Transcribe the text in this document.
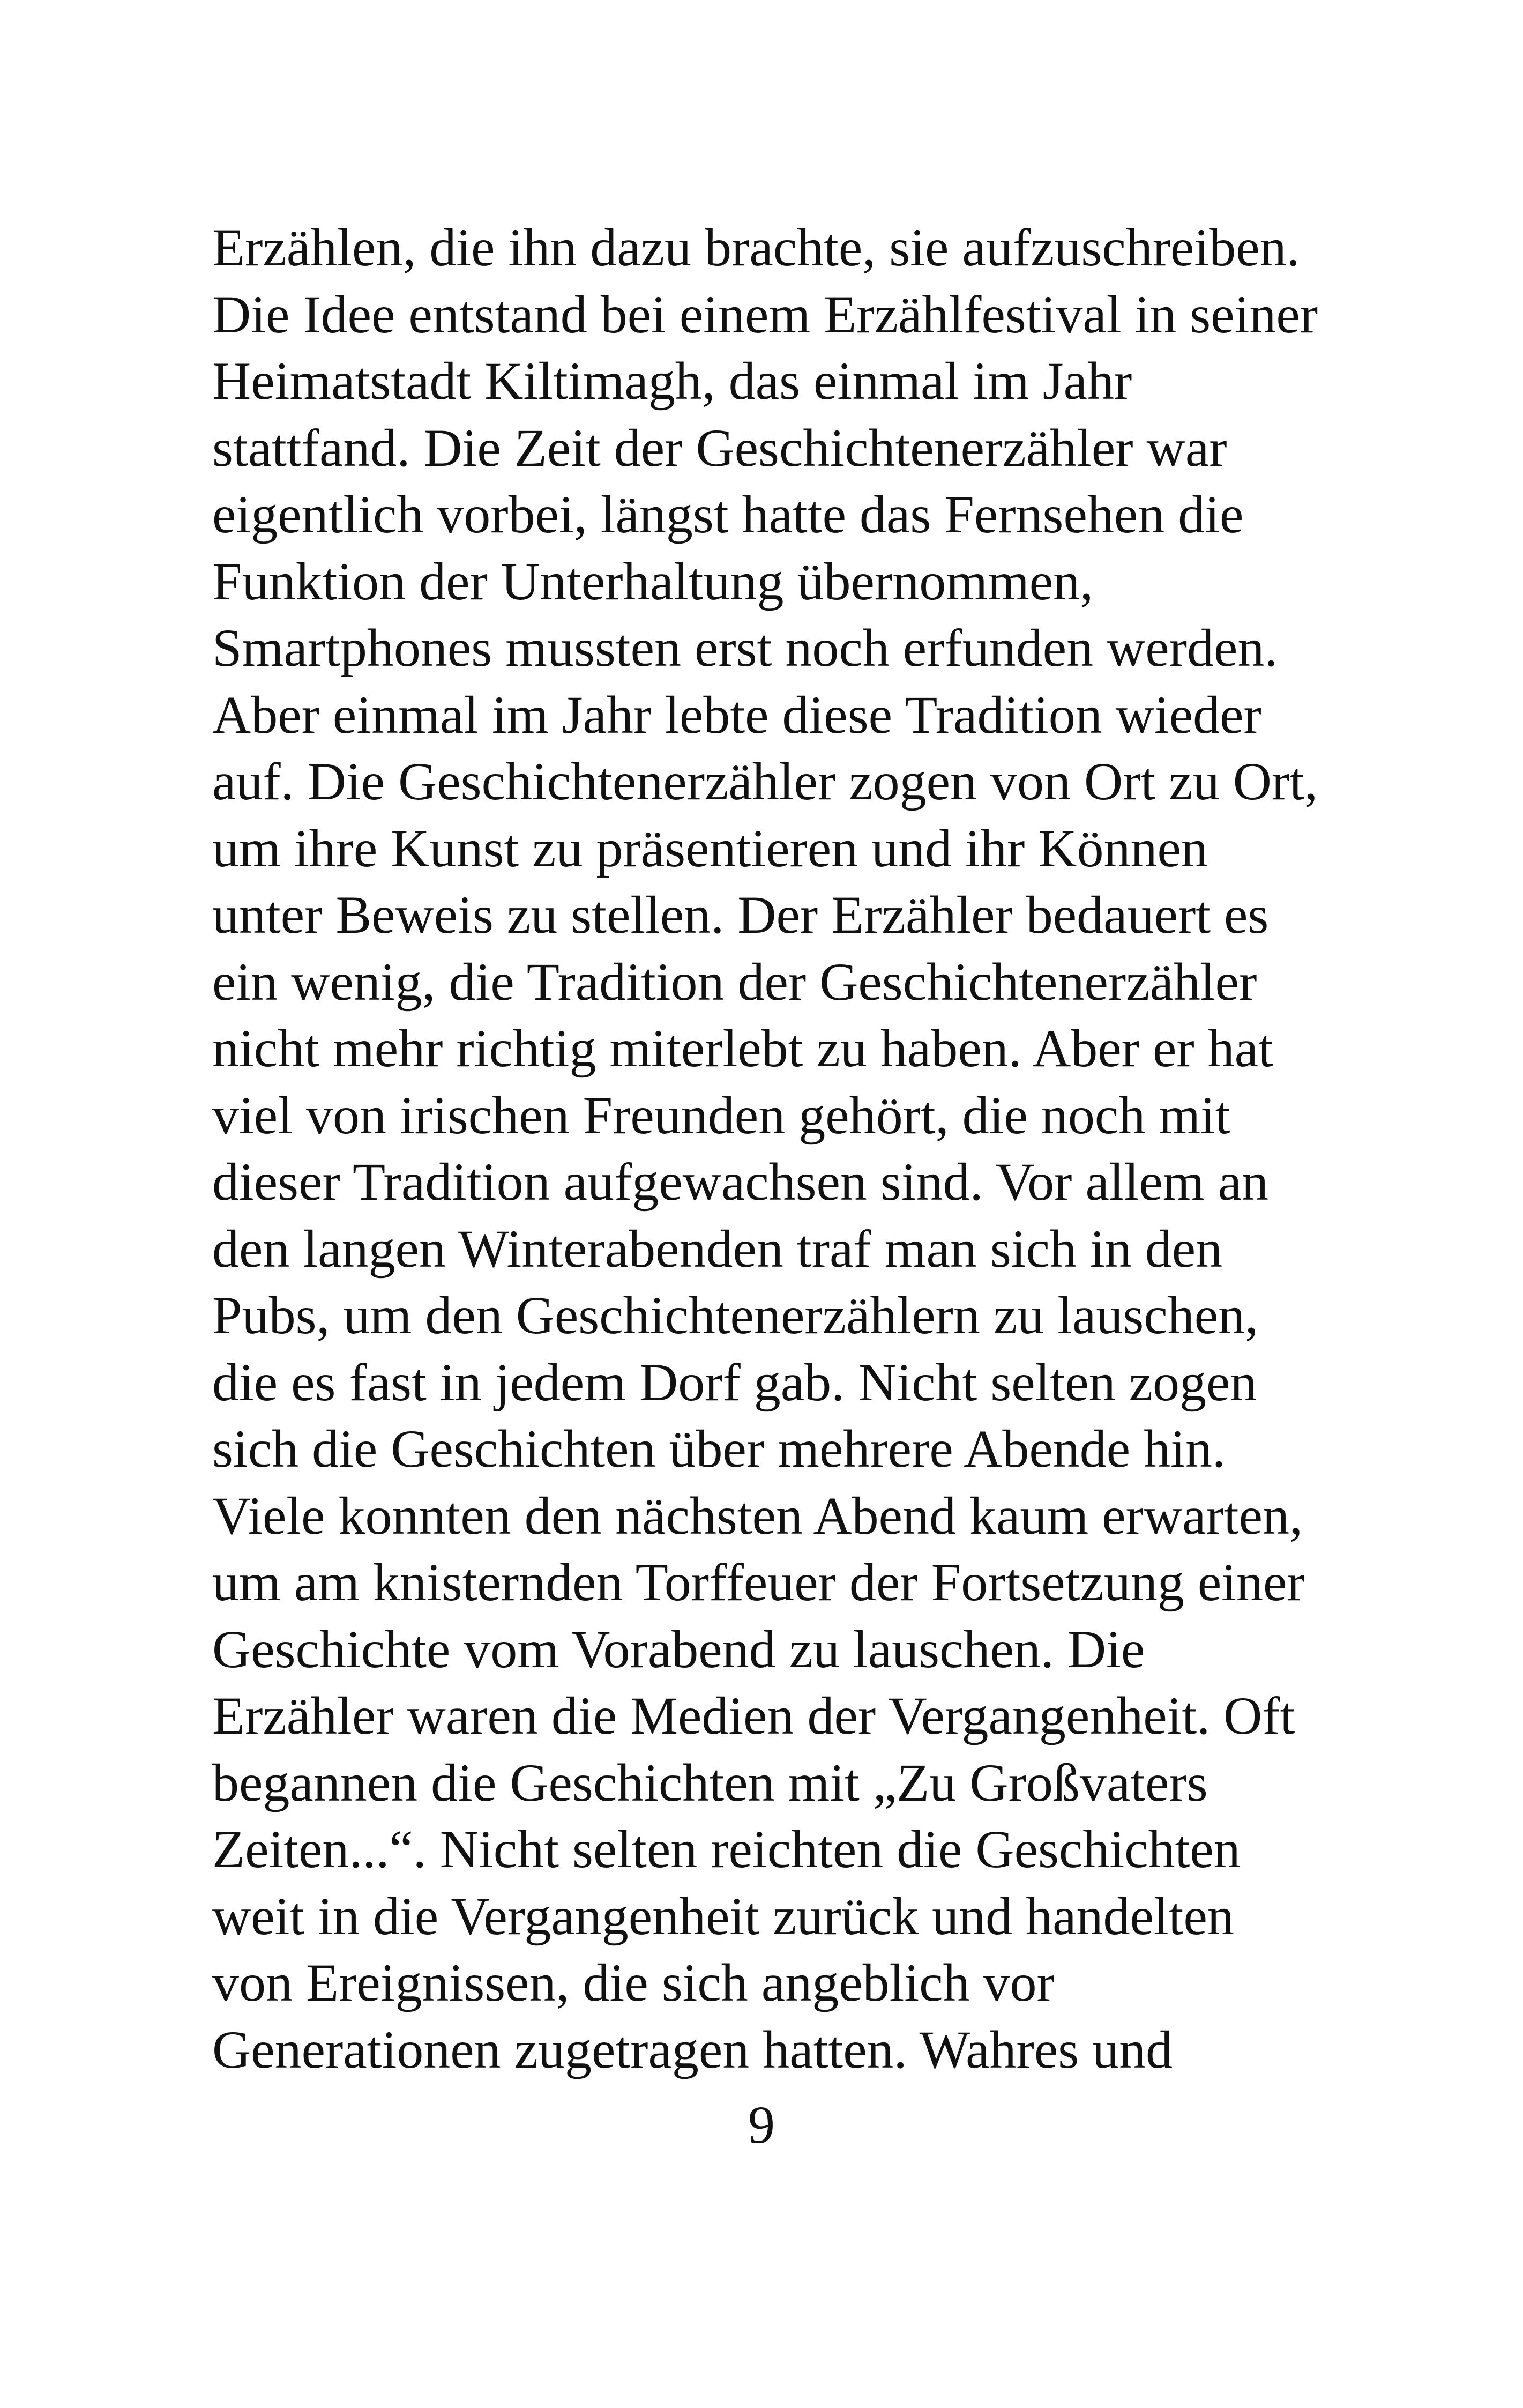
Erzählen, die ihn dazu brachte, sie aufzuschreiben.
Die Idee entstand bei einem Erzählfestival in seiner
Heimatstadt Kiltimagh, das einmal im Jahr
stattfand. Die Zeit der Geschichtenerzähler war
eigentlich vorbei, längst hatte das Fernsehen die
Funktion der Unterhaltung übernommen,
Smartphones mussten erst noch erfunden werden.
Aber einmal im Jahr lebte diese Tradition wieder
auf. Die Geschichtenerzähler zogen von Ort zu Ort,
um ihre Kunst zu präsentieren und ihr Können
unter Beweis zu stellen. Der Erzähler bedauert es
ein wenig, die Tradition der Geschichtenerzähler
nicht mehr richtig miterlebt zu haben. Aber er hat
viel von irischen Freunden gehört, die noch mit
dieser Tradition aufgewachsen sind. Vor allem an
den langen Winterabenden traf man sich in den
Pubs, um den Geschichtenerzählern zu lauschen,
die es fast in jedem Dorf gab. Nicht selten zogen
sich die Geschichten über mehrere Abende hin.
Viele konnten den nächsten Abend kaum erwarten,
um am knisternden Torffeuer der Fortsetzung einer
Geschichte vom Vorabend zu lauschen. Die
Erzähler waren die Medien der Vergangenheit. Oft
begannen die Geschichten mit „Zu Großvaters
Zeiten...“. Nicht selten reichten die Geschichten
weit in die Vergangenheit zurück und handelten
von Ereignissen, die sich angeblich vor
Generationen zugetragen hatten. Wahres und

9
